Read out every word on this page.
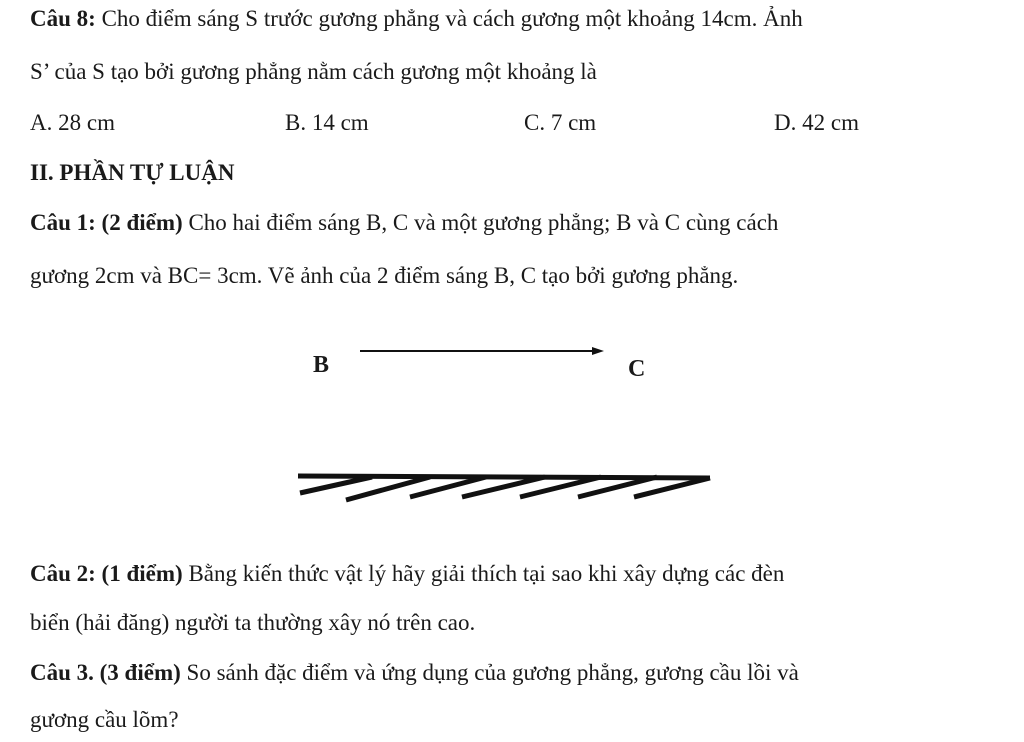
Câu 8: Cho điểm sáng S trước gương phẳng và cách gương một khoảng 14cm. Ảnh
S’ của S tạo bởi gương phẳng nằm cách gương một khoảng là
A. 28 cm	B. 14 cm	C. 7 cm	D. 42 cm
II. PHẦN TỰ LUẬN
Câu 1: (2 điểm) Cho hai điểm sáng B, C và một gương phẳng; B và C cùng cách
gương 2cm và BC= 3cm. Vẽ ảnh của 2 điểm sáng B, C tạo bởi gương phẳng.
B	C
Câu 2: (1 điểm) Bằng kiến thức vật lý hãy giải thích tại sao khi xây dựng các đèn
biển (hải đăng) người ta thường xây nó trên cao.
Câu 3. (3 điểm) So sánh đặc điểm và ứng dụng của gương phẳng, gương cầu lồi và
gương cầu lõm?
